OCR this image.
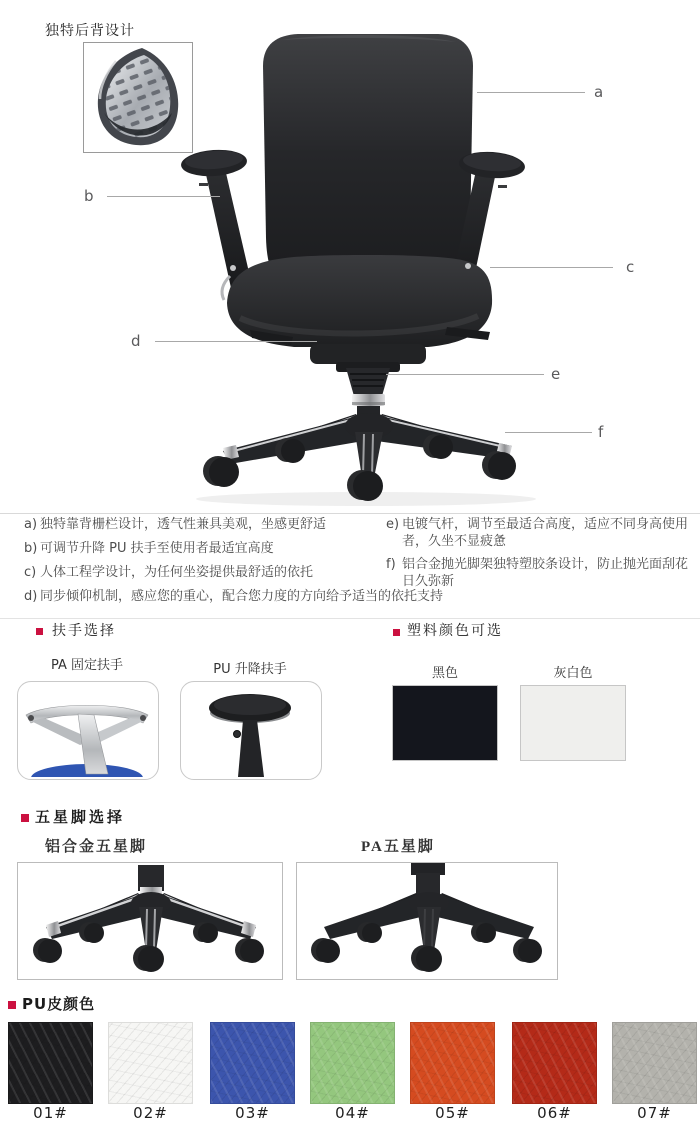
独特后背设计
a
b
c
d
e
f
a) 独特靠背栅栏设计，透气性兼具美观，坐感更舒适
b) 可调节升降 PU 扶手至使用者最适宜高度
c) 人体工程学设计，为任何坐姿提供最舒适的依托
d) 同步倾仰机制，感应您的重心，配合您力度的方向给予适当的依托支持
e) 电镀气杆，调节至最适合高度，适应不同身高使用者，久坐不显疲惫
f) 铝合金抛光脚架独特塑胶条设计，防止抛光面刮花日久弥新
扶手选择
PA 固定扶手	PU 升降扶手
塑料颜色可选
黑色	灰白色
五星脚选择
铝合金五星脚	PA五星脚
PU皮颜色
01#	02#	03#	04#	05#	06#	07#
